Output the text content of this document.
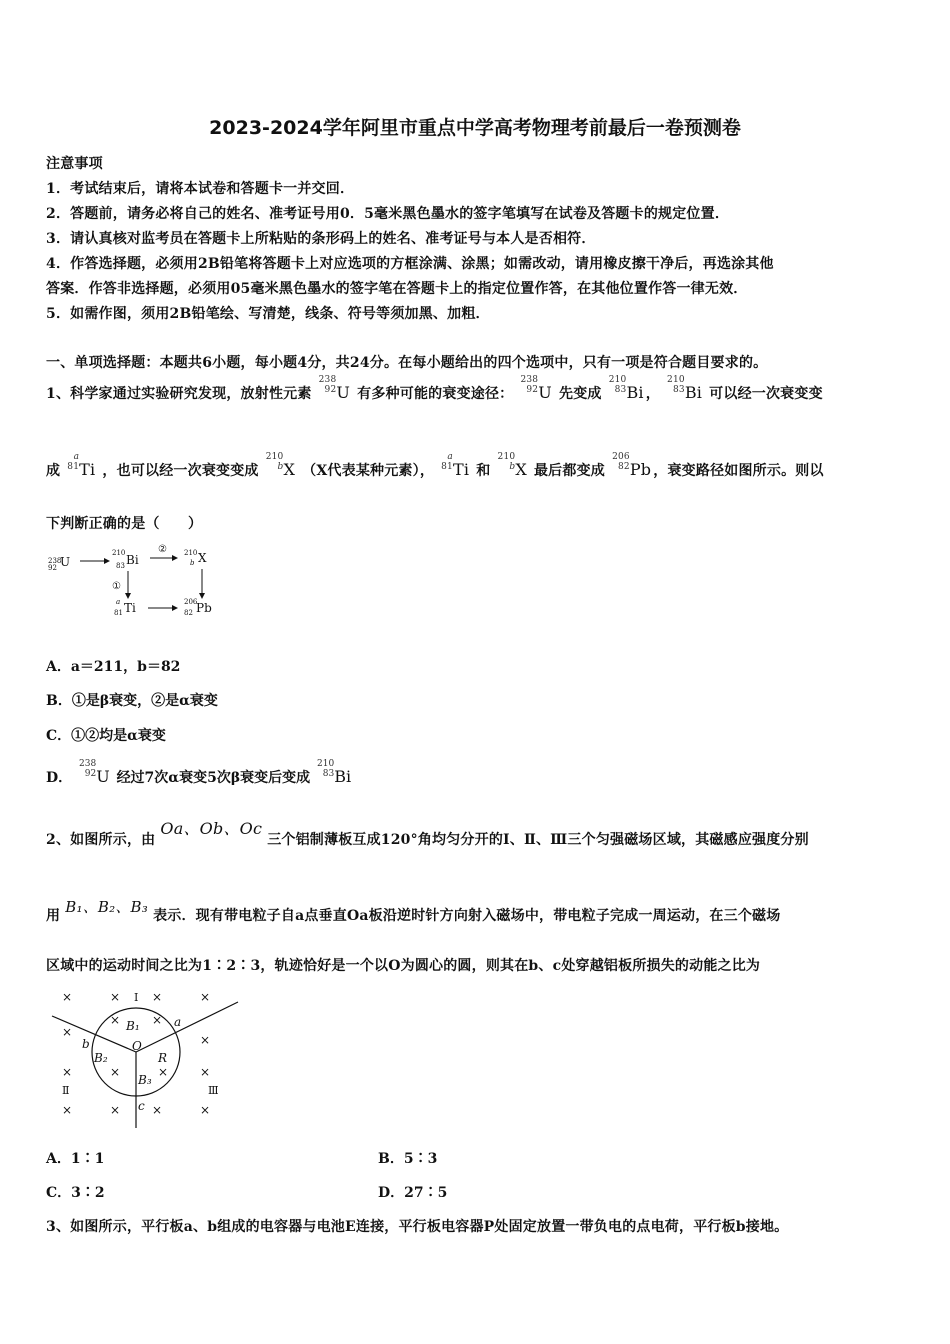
2023-2024学年阿里市重点中学高考物理考前最后一卷预测卷
注意事项
1．考试结束后，请将本试卷和答题卡一并交回．
2．答题前，请务必将自己的姓名、准考证号用0．5毫米黑色墨水的签字笔填写在试卷及答题卡的规定位置．
3．请认真核对监考员在答题卡上所粘贴的条形码上的姓名、准考证号与本人是否相符．
4．作答选择题，必须用2B铅笔将答题卡上对应选项的方框涂满、涂黑；如需改动，请用橡皮擦干净后，再选涂其他
答案．作答非选择题，必须用05毫米黑色墨水的签字笔在答题卡上的指定位置作答，在其他位置作答一律无效．
5．如需作图，须用2B铅笔绘、写清楚，线条、符号等须加黑、加粗．
一、单项选择题：本题共6小题，每小题4分，共24分。在每小题给出的四个选项中，只有一项是符合题目要求的。
1、科学家通过实验研究发现，放射性元素 238
92U 有多种可能的衰变途径： 238
92U 先变成 210
83Bi ， 210
83Bi 可以经一次衰变变
成 a
81Ti ，也可以经一次衰变变成 210
bX （X代表某种元素）， a
81Ti 和 210
bX 最后都变成 206
82Pb ，衰变路径如图所示。则以
下判断正确的是（　　）
238
92 U
210
83 Bi
② 210
b X
①
a
81 Ti	206
82 Pb
A．a＝211，b＝82
B．①是β衰变，②是α衰变
C．①②均是α衰变
D． 238
92U 经过7次α衰变5次β衰变后变成 210
83Bi
2、如图所示，由 Oa、Ob、Oc 三个铝制薄板互成120°角均匀分开的Ⅰ、Ⅱ、Ⅲ三个匀强磁场区域，其磁感应强度分别
用 B₁、B₂、B₃ 表示．现有带电粒子自a点垂直Oa板沿逆时针方向射入磁场中，带电粒子完成一周运动，在三个磁场
区域中的运动时间之比为1∶2∶3，轨迹恰好是一个以O为圆心的圆，则其在b、c处穿越铝板所损失的动能之比为
×	× Ⅰ ×	×
×
×	×
×
×	×	×	×
×	×	×	×
Ⅱ	Ⅲ
B₁
B₂
B₃
O
R
a
b
c
A．1∶1	B．5∶3
C．3∶2	D．27∶5
3、如图所示，平行板a、b组成的电容器与电池E连接，平行板电容器P处固定放置一带负电的点电荷，平行板b接地。
